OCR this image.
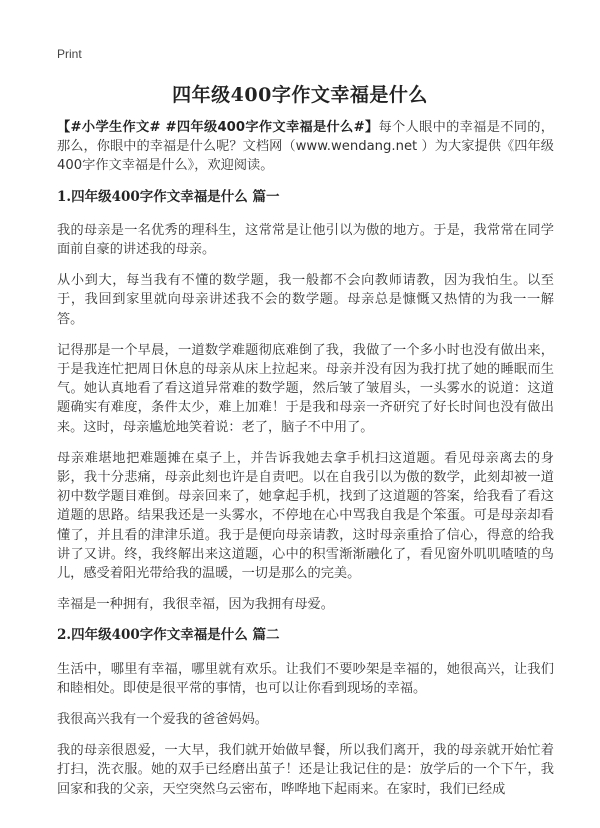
Print
四年级400字作文幸福是什么

【#小学生作文# #四年级400字作文幸福是什么#】每个人眼中的幸福是不同的，那么，你眼中的幸福是什么呢？文档网（www.wendang.net ）为大家提供《四年级400字作文幸福是什么》，欢迎阅读。

1.四年级400字作文幸福是什么 篇一

我的母亲是一名优秀的理科生，这常常是让他引以为傲的地方。于是，我常常在同学面前自豪的讲述我的母亲。

从小到大，每当我有不懂的数学题，我一般都不会向教师请教，因为我怕生。以至于，我回到家里就向母亲讲述我不会的数学题。母亲总是慷慨又热情的为我一一解答。

记得那是一个早晨，一道数学难题彻底难倒了我，我做了一个多小时也没有做出来，于是我连忙把周日休息的母亲从床上拉起来。母亲并没有因为我打扰了她的睡眠而生气。她认真地看了看这道异常难的数学题，然后皱了皱眉头，一头雾水的说道：这道题确实有难度，条件太少，难上加难！于是我和母亲一齐研究了好长时间也没有做出来。这时，母亲尴尬地笑着说：老了，脑子不中用了。

母亲难堪地把难题摊在桌子上，并告诉我她去拿手机扫这道题。看见母亲离去的身影，我十分悲痛，母亲此刻也许是自责吧。以在自我引以为傲的数学，此刻却被一道初中数学题目难倒。母亲回来了，她拿起手机，找到了这道题的答案，给我看了看这道题的思路。结果我还是一头雾水，不停地在心中骂我自我是个笨蛋。可是母亲却看懂了，并且看的津津乐道。我于是便向母亲请教，这时母亲重拾了信心，得意的给我讲了又讲。终，我终解出来这道题，心中的积雪渐渐融化了，看见窗外叽叽喳喳的鸟儿，感受着阳光带给我的温暖，一切是那么的完美。

幸福是一种拥有，我很幸福，因为我拥有母爱。

2.四年级400字作文幸福是什么 篇二

生活中，哪里有幸福，哪里就有欢乐。让我们不要吵架是幸福的，她很高兴，让我们和睦相处。即使是很平常的事情，也可以让你看到现场的幸福。

我很高兴我有一个爱我的爸爸妈妈。

我的母亲很恩爱，一大早，我们就开始做早餐，所以我们离开，我的母亲就开始忙着打扫，洗衣服。她的双手已经磨出茧子！还是让我记住的是：放学后的一个下午，我回家和我的父亲，天空突然乌云密布，哗哗地下起雨来。在家时，我们已经成
